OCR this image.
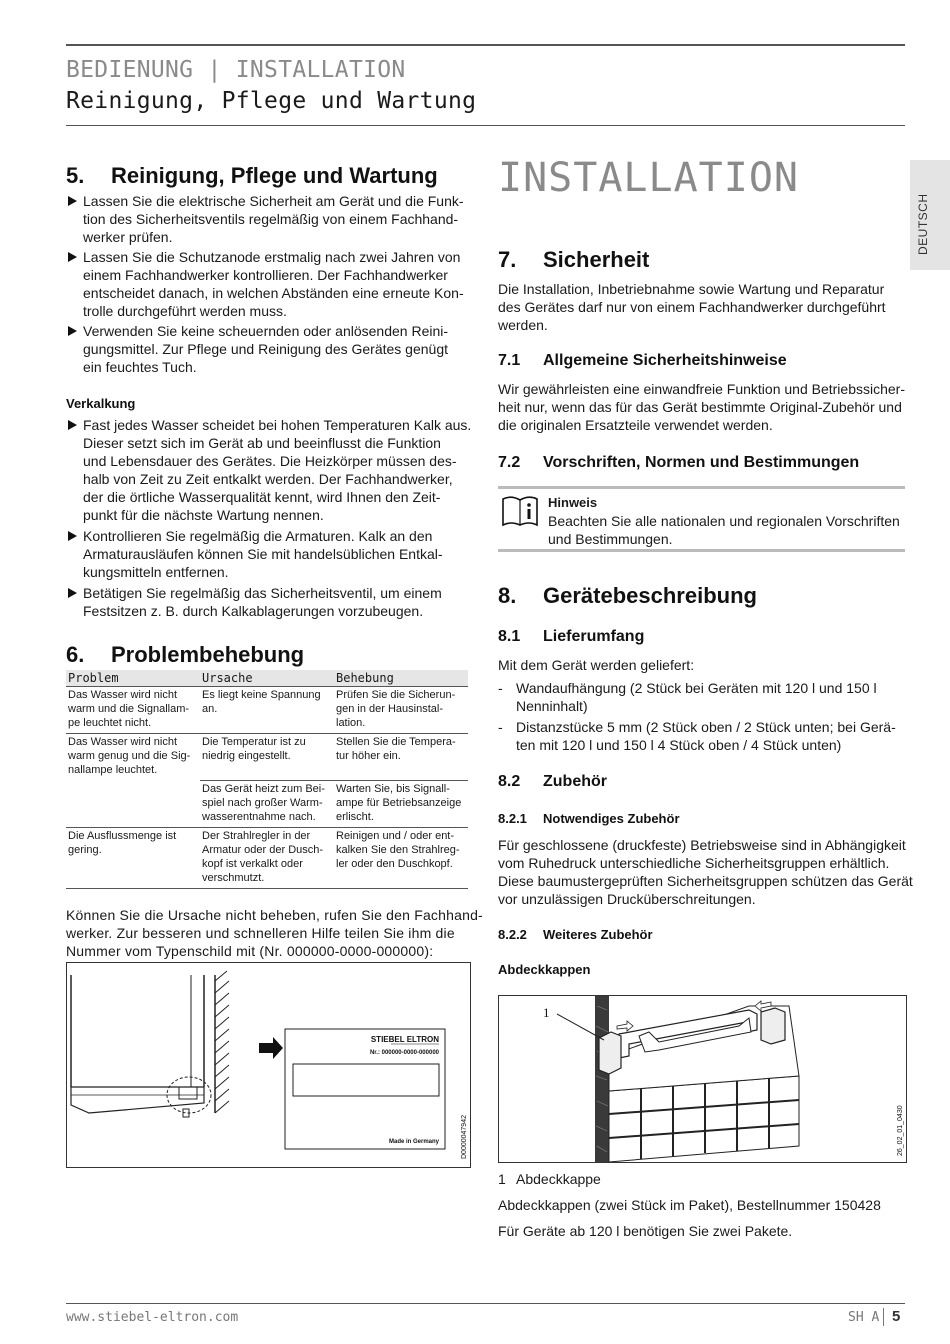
BEDIENUNG | INSTALLATION
Reinigung, Pflege und Wartung
DEUTSCH
5. Reinigung, Pflege und Wartung
Lassen Sie die elektrische Sicherheit am Gerät und die Funk-
tion des Sicherheitsventils regelmäßig von einem Fachhand-
werker prüfen.
Lassen Sie die Schutzanode erstmalig nach zwei Jahren von
einem Fachhandwerker kontrollieren. Der Fachhandwerker
entscheidet danach, in welchen Abständen eine erneute Kon-
trolle durchgeführt werden muss.
Verwenden Sie keine scheuernden oder anlösenden Reini-
gungsmittel. Zur Pflege und Reinigung des Gerätes genügt
ein feuchtes Tuch.
Verkalkung
Fast jedes Wasser scheidet bei hohen Temperaturen Kalk aus.
Dieser setzt sich im Gerät ab und beeinflusst die Funktion
und Lebensdauer des Gerätes. Die Heizkörper müssen des-
halb von Zeit zu Zeit entkalkt werden. Der Fachhandwerker,
der die örtliche Wasserqualität kennt, wird Ihnen den Zeit-
punkt für die nächste Wartung nennen.
Kontrollieren Sie regelmäßig die Armaturen. Kalk an den
Armaturausläufen können Sie mit handelsüblichen Entkal-
kungsmitteln entfernen.
Betätigen Sie regelmäßig das Sicherheitsventil, um einem
Festsitzen z. B. durch Kalkablagerungen vorzubeugen.
6. Problembehebung
Problem	Ursache	Behebung
Das Wasser wird nicht warm und die Signallam-pe leuchtet nicht.	Es liegt keine Spannung an.	Prüfen Sie die Sicherun-gen in der Hausinstal-lation.
Das Wasser wird nicht warm genug und die Sig-nallampe leuchtet.	Die Temperatur ist zu niedrig eingestellt.	Stellen Sie die Tempera-tur höher ein.
	Das Gerät heizt zum Bei-spiel nach großer Warm-wasserentnahme nach.	Warten Sie, bis Signall-ampe für Betriebsanzeige erlischt.
Die Ausflussmenge ist gering.	Der Strahlregler in der Armatur oder der Dusch-kopf ist verkalkt oder verschmutzt.	Reinigen und / oder ent-kalken Sie den Strahlreg-ler oder den Duschkopf.
Können Sie die Ursache nicht beheben, rufen Sie den Fachhand-
werker. Zur besseren und schnelleren Hilfe teilen Sie ihm die
Nummer vom Typenschild mit (Nr. 000000-0000-000000):
STIEBEL ELTRON
Nr.: 000000-0000-000000
Made in Germany	D0000047942
INSTALLATION
7. Sicherheit
Die Installation, Inbetriebnahme sowie Wartung und Reparatur
des Gerätes darf nur von einem Fachhandwerker durchgeführt
werden.
7.1 Allgemeine Sicherheitshinweise
Wir gewährleisten eine einwandfreie Funktion und Betriebssicher-
heit nur, wenn das für das Gerät bestimmte Original-Zubehör und
die originalen Ersatzteile verwendet werden.
7.2 Vorschriften, Normen und Bestimmungen
Hinweis
Beachten Sie alle nationalen und regionalen Vorschriften
und Bestimmungen.
8. Gerätebeschreibung
8.1 Lieferumfang
Mit dem Gerät werden geliefert:
- Wandaufhängung (2 Stück bei Geräten mit 120 l und 150 l
Nenninhalt)
- Distanzstücke 5 mm (2 Stück oben / 2 Stück unten; bei Gerä-
ten mit 120 l und 150 l 4 Stück oben / 4 Stück unten)
8.2 Zubehör
8.2.1 Notwendiges Zubehör
Für geschlossene (druckfeste) Betriebsweise sind in Abhängigkeit
vom Ruhedruck unterschiedliche Sicherheitsgruppen erhältlich.
Diese baumustergeprüften Sicherheitsgruppen schützen das Gerät
vor unzulässigen Drucküberschreitungen.
8.2.2 Weiteres Zubehör
Abdeckkappen
1
26_02_01_0430
1 Abdeckkappe
Abdeckkappen (zwei Stück im Paket), Bestellnummer 150428
Für Geräte ab 120 l benötigen Sie zwei Pakete.
www.stiebel-eltron.com	SH A 5
